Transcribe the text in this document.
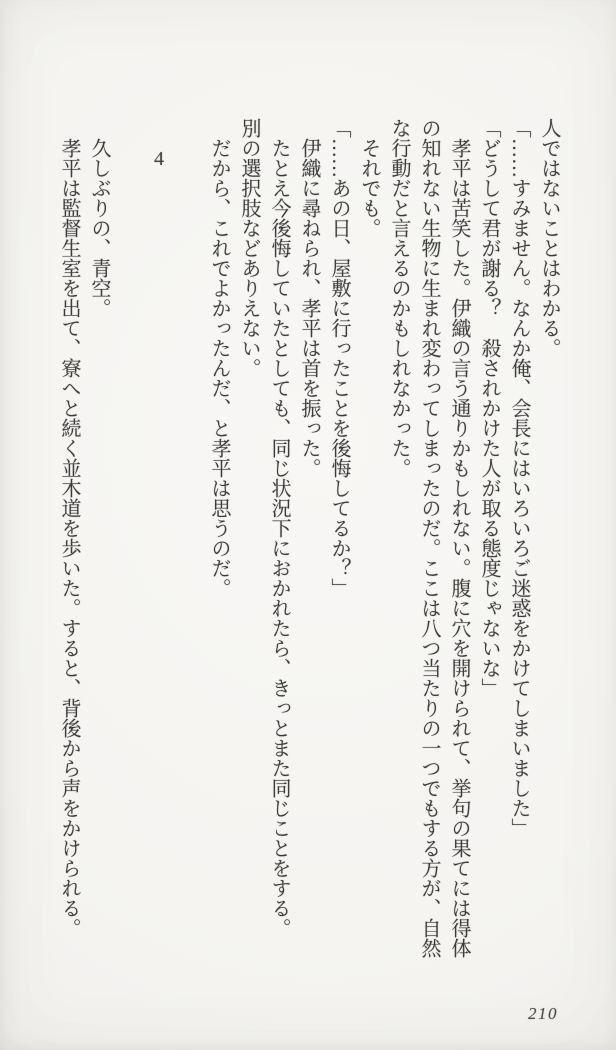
人ではないことはわかる。

「……すみません。なんか俺、会長にはいろいろご迷惑をかけてしまいました」

「どうして君が謝る？　殺されかけた人が取る態度じゃないな」

孝平は苦笑した。伊織の言う通りかもしれない。腹に穴を開けられて、挙句の果てには得体

の知れない生物に生まれ変わってしまったのだ。ここは八つ当たりの一つでもする方が、自然

な行動だと言えるのかもしれなかった。

それでも。

「……あの日、屋敷に行ったことを後悔してるか？」

伊織に尋ねられ、孝平は首を振った。

たとえ今後悔していたとしても、同じ状況下におかれたら、きっとまた同じことをする。

別の選択肢などありえない。

だから、これでよかったんだ、と孝平は思うのだ。

4

久しぶりの、青空。

孝平は監督生室を出て、寮へと続く並木道を歩いた。すると、背後から声をかけられる。

210
